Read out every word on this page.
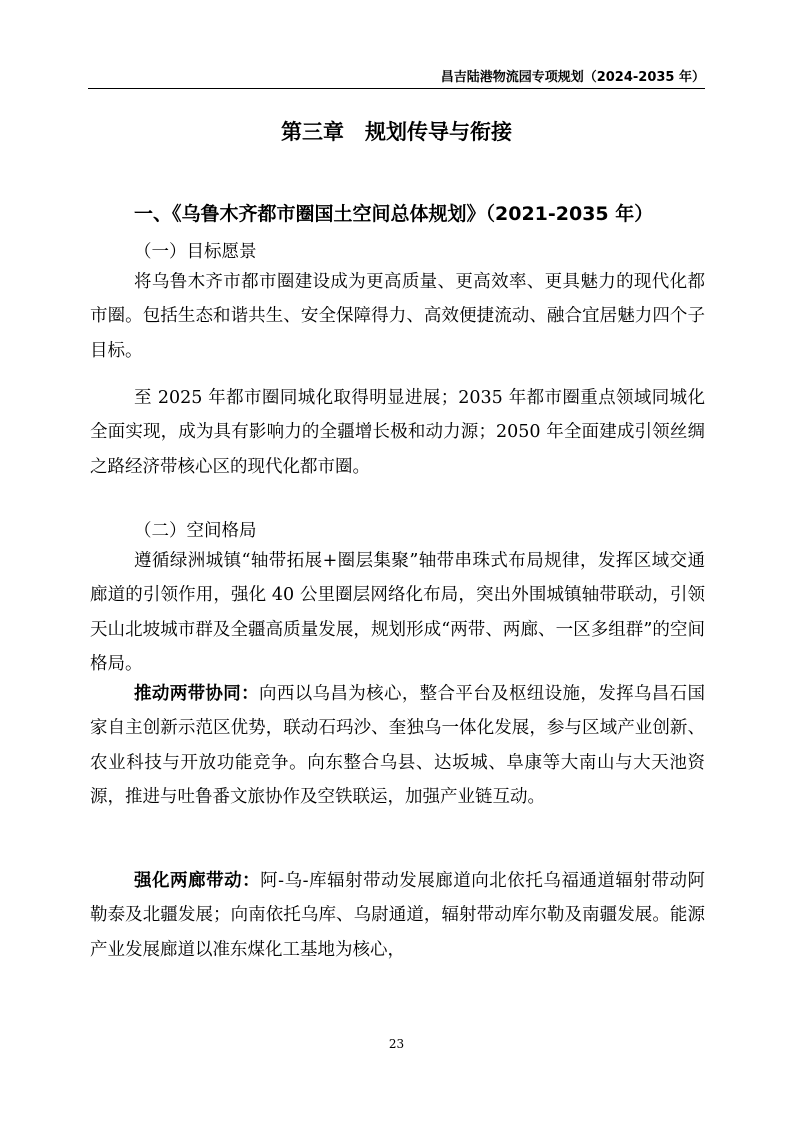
昌吉陆港物流园专项规划（2024-2035 年）
第三章　规划传导与衔接
一、《乌鲁木齐都市圈国土空间总体规划》（2021-2035 年）
（一）目标愿景

将乌鲁木齐市都市圈建设成为更高质量、更高效率、更具魅力的现代化都市圈。包括生态和谐共生、安全保障得力、高效便捷流动、融合宜居魅力四个子目标。

至 2025 年都市圈同城化取得明显进展；2035 年都市圈重点领域同城化全面实现，成为具有影响力的全疆增长极和动力源；2050 年全面建成引领丝绸之路经济带核心区的现代化都市圈。

（二）空间格局

遵循绿洲城镇“轴带拓展+圈层集聚”轴带串珠式布局规律，发挥区域交通廊道的引领作用，强化 40 公里圈层网络化布局，突出外围城镇轴带联动，引领天山北坡城市群及全疆高质量发展，规划形成“两带、两廊、一区多组群”的空间格局。

推动两带协同：向西以乌昌为核心，整合平台及枢纽设施，发挥乌昌石国家自主创新示范区优势，联动石玛沙、奎独乌一体化发展，参与区域产业创新、农业科技与开放功能竞争。向东整合乌县、达坂城、阜康等大南山与大天池资源，推进与吐鲁番文旅协作及空铁联运，加强产业链互动。

强化两廊带动：阿-乌-库辐射带动发展廊道向北依托乌福通道辐射带动阿勒泰及北疆发展；向南依托乌库、乌尉通道，辐射带动库尔勒及南疆发展。能源产业发展廊道以准东煤化工基地为核心，

23
